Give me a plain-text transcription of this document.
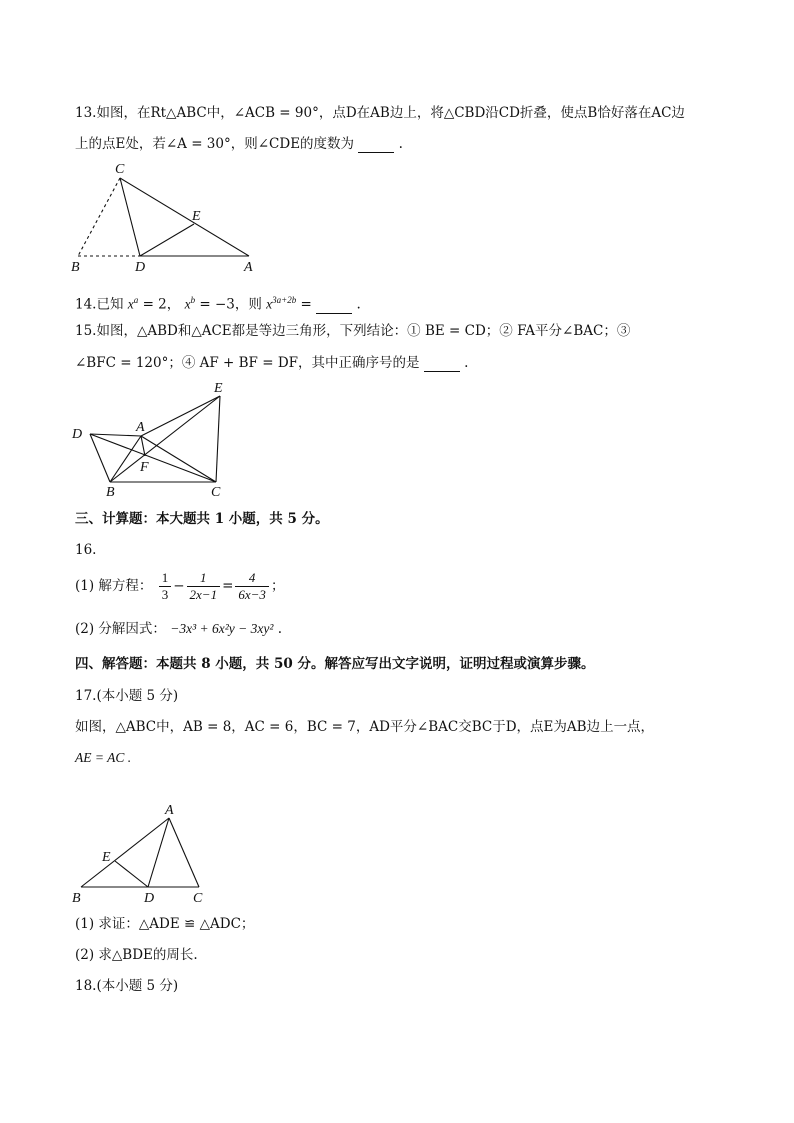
13.如图，在Rt△ABC中，∠ACB = 90°，点D在AB边上，将△CBD沿CD折叠，使点B恰好落在AC边
上的点E处，若∠A = 30°，则∠CDE的度数为	.
C
E
B	D	A
14.已知 $x^a = 2$， $x^b = -3$，则 $x^{3a+2b}$ =	.
15.如图，△ABD和△ACE都是等边三角形，下列结论：① BE = CD；② FA平分∠BAC；③
∠BFC = 120°；④ AF + BF = DF，其中正确序号的是	.
E
D	A
F
B	C
三、计算题：本大题共 1 小题，共 5 分。
16.
(1) 解方程： $\frac{1}{3} - \frac{1}{2x-1} = \frac{4}{6x-3}$ ；
(2) 分解因式： −3x³ + 6x²y − 3xy² .
四、解答题：本题共 8 小题，共 50 分。解答应写出文字说明，证明过程或演算步骤。
17.(本小题 5 分)
如图，△ABC中，AB = 8，AC = 6，BC = 7，AD平分∠BAC交BC于D，点E为AB边上一点，
AE = AC .
A
E
B	D	C
(1) 求证：△ADE ≌ △ADC；
(2) 求△BDE的周长.
18.(本小题 5 分)
